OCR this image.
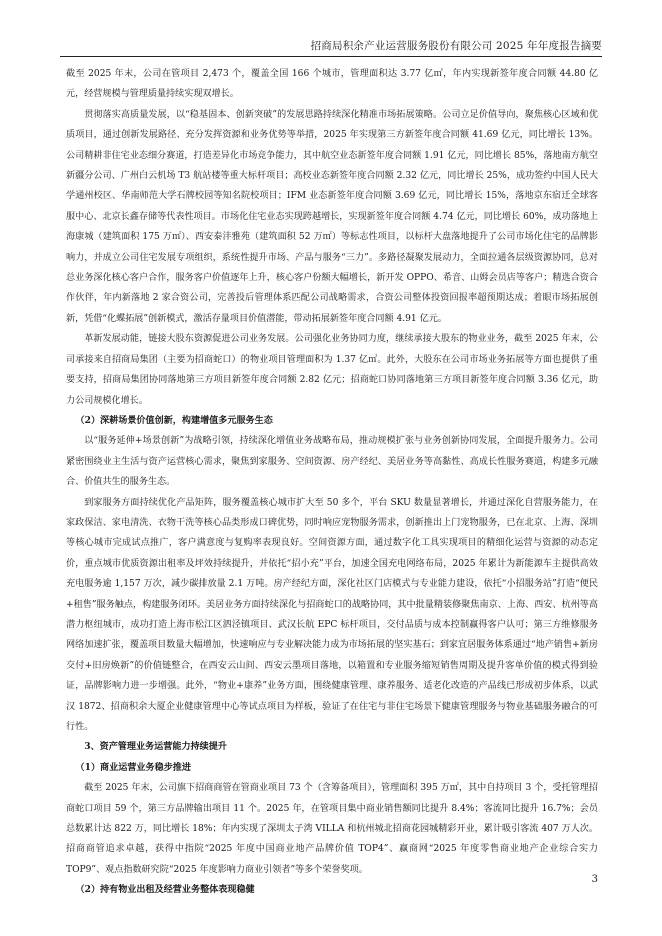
招商局积余产业运营服务股份有限公司 2025 年年度报告摘要

截至 2025 年末，公司在管项目 2,473 个，覆盖全国 166 个城市，管理面积达 3.77 亿㎡，年内实现新签年度合同额 44.80 亿元，经营规模与管理质量持续实现双增长。

贯彻落实高质量发展，以“稳基固本、创新突破”的发展思路持续深化精准市场拓展策略。公司立足价值导向，聚焦核心区域和优质项目，通过创新发展路径、充分发挥资源和业务优势等举措，2025 年实现第三方新签年度合同额 41.69 亿元，同比增长 13%。公司精耕非住宅业态细分赛道，打造差异化市场竞争能力，其中航空业态新签年度合同额 1.91 亿元，同比增长 85%，落地南方航空新疆分公司、广州白云机场 T3 航站楼等重大标杆项目；高校业态新签年度合同额 2.32 亿元，同比增长 25%，成功签约中国人民大学通州校区、华南师范大学石牌校园等知名院校项目；IFM 业态新签年度合同额 3.69 亿元，同比增长 15%，落地京东宿迁全球客服中心、北京长鑫存储等代表性项目。市场化住宅业态实现跨越增长，实现新签年度合同额 4.74 亿元，同比增长 60%，成功落地上海康城（建筑面积 175 万㎡）、西安泰沣雅苑（建筑面积 52 万㎡）等标志性项目，以标杆大盘落地提升了公司市场化住宅的品牌影响力，并成立公司住宅发展专项组织，系统性提升市场、产品与服务“三力”。多路径凝聚发展动力，全面拉通各层级资源协同，总对总业务深化核心客户合作，服务客户价值逐年上升，核心客户份额大幅增长，新开发 OPPO、希音、山姆会员店等客户；精选合资合作伙伴，年内新落地 2 家合资公司，完善投后管理体系匹配公司战略需求，合资公司整体投资回报率超预期达成；着眼市场拓展创新，凭借“化蝶拓展”创新模式，激活存量项目价值潜能，带动拓展新签年度合同额 4.91 亿元。

革新发展动能，链接大股东资源促进公司业务发展。公司强化业务协同力度，继续承接大股东的物业业务，截至 2025 年末，公司承接来自招商局集团（主要为招商蛇口）的物业项目管理面积为 1.37 亿㎡。此外，大股东在公司市场业务拓展等方面也提供了重要支持，招商局集团协同落地第三方项目新签年度合同额 2.82 亿元；招商蛇口协同落地第三方项目新签年度合同额 3.36 亿元，助力公司规模化增长。

（2）深耕场景价值创新，构建增值多元服务生态

以“服务延伸+场景创新”为战略引领，持续深化增值业务战略布局，推动规模扩张与业务创新协同发展，全面提升服务力。公司紧密围绕业主生活与资产运营核心需求，聚焦到家服务、空间资源、房产经纪、美居业务等高黏性、高成长性服务赛道，构建多元融合、价值共生的服务生态。

到家服务方面持续优化产品矩阵，服务覆盖核心城市扩大至 50 多个，平台 SKU 数量显著增长，并通过深化自营服务能力，在家政保洁、家电清洗、衣物干洗等核心品类形成口碑优势，同时响应宠物服务需求，创新推出上门宠物服务，已在北京、上海、深圳等核心城市完成试点推广，客户满意度与复购率表现良好。空间资源方面，通过数字化工具实现项目的精细化运营与资源的动态定价，重点城市优质资源出租率及坪效持续提升，并依托“招小充”平台，加速全国充电网络布局，2025 年累计为新能源车主提供高效充电服务逾 1,157 万次，减少碳排放量 2.1 万吨。房产经纪方面，深化社区门店模式与专业能力建设，依托“小招服务站”打造“便民+租售”服务触点，构建服务闭环。美居业务方面持续深化与招商蛇口的战略协同，其中批量精装修聚焦南京、上海、西安、杭州等高潜力枢纽城市，成功打造上海市松江区泗泾镇项目、武汉长航 EPC 标杆项目，交付品质与成本控制赢得客户认可；第三方维修服务网络加速扩张，覆盖项目数量大幅增加，快速响应与专业解决能力成为市场拓展的坚实基石；到家宜居服务体系通过“地产销售+新房交付+旧房焕新”的价值链整合，在西安云山间、西安云墨项目落地，以箱置和专业服务缩短销售周期及提升客单价值的模式得到验证，品牌影响力进一步增强。此外，“物业+康养”业务方面，围绕健康管理、康养服务、适老化改造的产品线已形成初步体系，以武汉 1872、招商积余大厦企业健康管理中心等试点项目为样板，验证了在住宅与非住宅场景下健康管理服务与物业基础服务融合的可行性。

3、资产管理业务运营能力持续提升

（1）商业运营业务稳步推进

截至 2025 年末，公司旗下招商商管在管商业项目 73 个（含筹备项目），管理面积 395 万㎡，其中自持项目 3 个，受托管理招商蛇口项目 59 个，第三方品牌输出项目 11 个。2025 年，在管项目集中商业销售额同比提升 8.4%；客流同比提升 16.7%；会员总数累计达 822 万，同比增长 18%；年内实现了深圳太子湾 VILLA 和杭州城北招商花园城精彩开业，累计吸引客流 407 万人次。招商商管追求卓越，获得中指院“2025 年度中国商业地产品牌价值 TOP4”、赢商网“2025 年度零售商业地产企业综合实力 TOP9”、观点指数研究院“2025 年度影响力商业引领者”等多个荣誉奖项。

（2）持有物业出租及经营业务整体表现稳健

3
